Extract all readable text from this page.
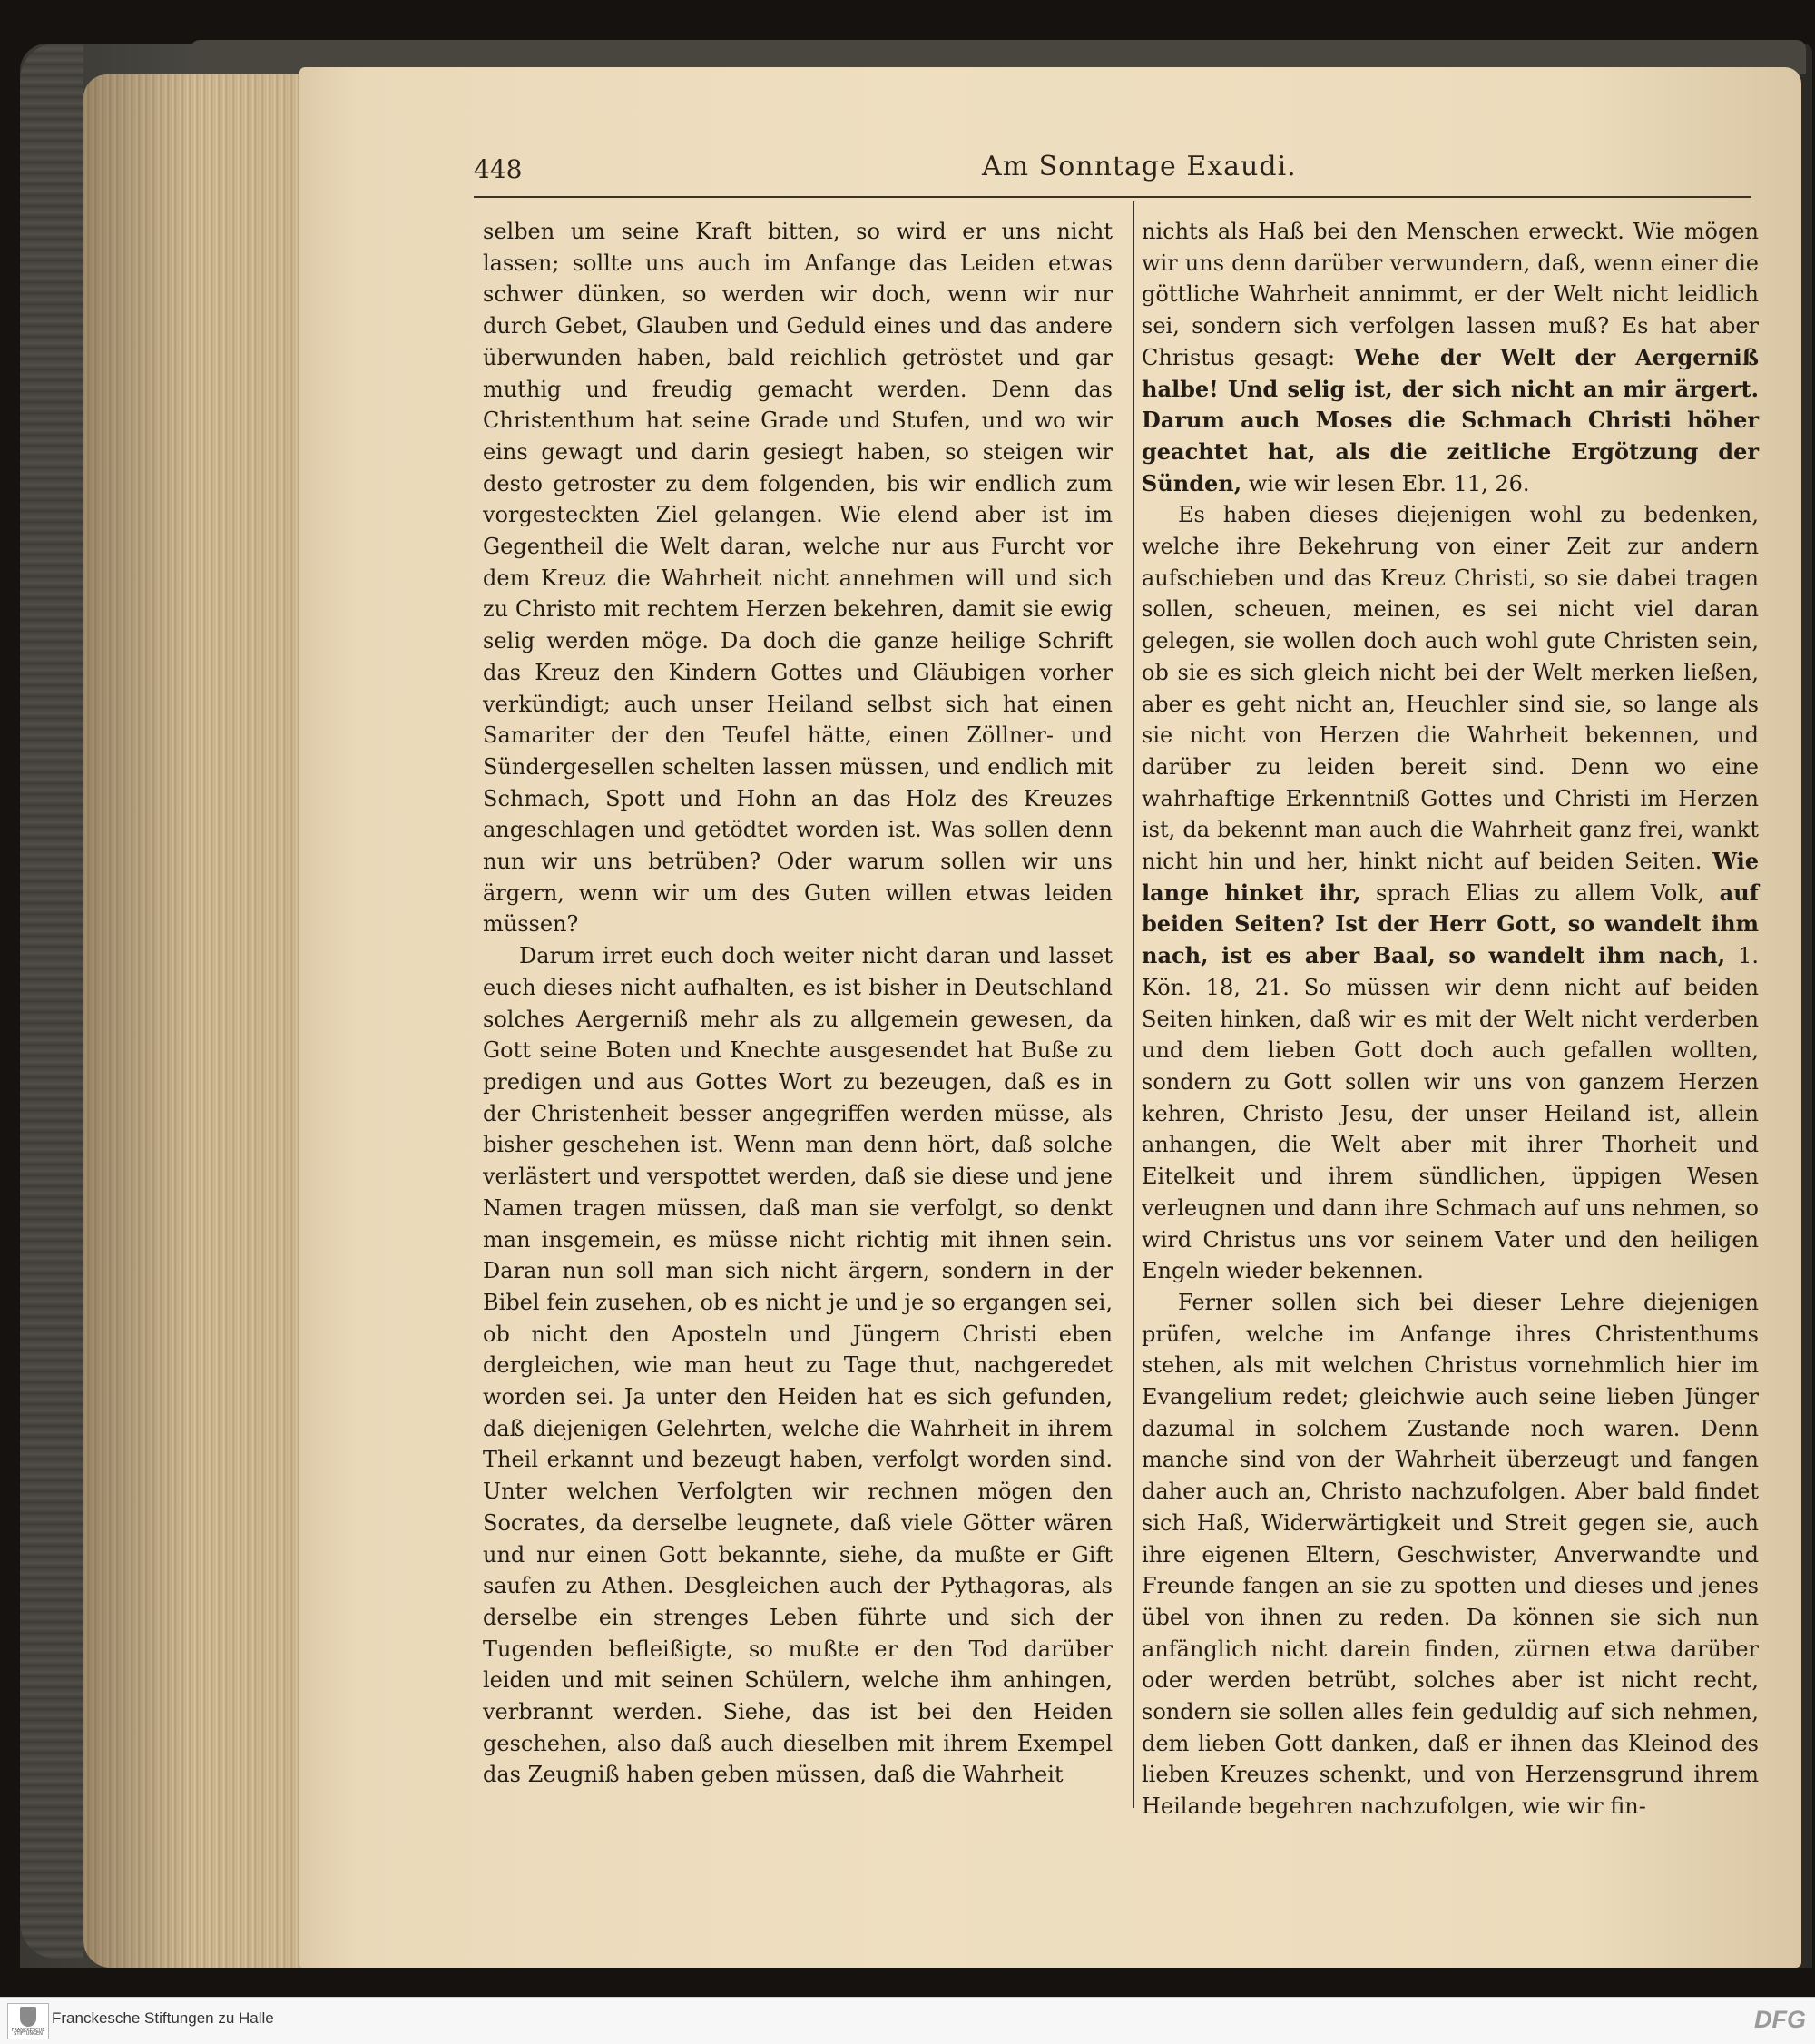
448	Am Sonntage Exaudi.

selben um seine Kraft bitten, so wird er uns nicht lassen; sollte uns auch im Anfange das Leiden etwas schwer dünken, so werden wir doch, wenn wir nur durch Gebet, Glauben und Geduld eines und das andere überwunden haben, bald reichlich getröstet und gar muthig und freudig gemacht werden. Denn das Christenthum hat seine Grade und Stufen, und wo wir eins gewagt und darin gesiegt haben, so steigen wir desto getroster zu dem folgenden, bis wir endlich zum vorgesteckten Ziel gelangen. Wie elend aber ist im Gegentheil die Welt daran, welche nur aus Furcht vor dem Kreuz die Wahrheit nicht annehmen will und sich zu Christo mit rechtem Herzen bekehren, damit sie ewig selig werden möge. Da doch die ganze heilige Schrift das Kreuz den Kindern Gottes und Gläubigen vorher verkündigt; auch unser Heiland selbst sich hat einen Samariter der den Teufel hätte, einen Zöllner- und Sündergesellen schelten lassen müssen, und endlich mit Schmach, Spott und Hohn an das Holz des Kreuzes angeschlagen und getödtet worden ist. Was sollen denn nun wir uns betrüben? Oder warum sollen wir uns ärgern, wenn wir um des Guten willen etwas leiden müssen?

Darum irret euch doch weiter nicht daran und lasset euch dieses nicht aufhalten, es ist bisher in Deutschland solches Aergerniß mehr als zu allgemein gewesen, da Gott seine Boten und Knechte ausgesendet hat Buße zu predigen und aus Gottes Wort zu bezeugen, daß es in der Christenheit besser angegriffen werden müsse, als bisher geschehen ist. Wenn man denn hört, daß solche verlästert und verspottet werden, daß sie diese und jene Namen tragen müssen, daß man sie verfolgt, so denkt man insgemein, es müsse nicht richtig mit ihnen sein. Daran nun soll man sich nicht ärgern, sondern in der Bibel fein zusehen, ob es nicht je und je so ergangen sei, ob nicht den Aposteln und Jüngern Christi eben dergleichen, wie man heut zu Tage thut, nachgeredet worden sei. Ja unter den Heiden hat es sich gefunden, daß diejenigen Gelehrten, welche die Wahrheit in ihrem Theil erkannt und bezeugt haben, verfolgt worden sind. Unter welchen Verfolgten wir rechnen mögen den Socrates, da derselbe leugnete, daß viele Götter wären und nur einen Gott bekannte, siehe, da mußte er Gift saufen zu Athen. Desgleichen auch der Pythagoras, als derselbe ein strenges Leben führte und sich der Tugenden befleißigte, so mußte er den Tod darüber leiden und mit seinen Schülern, welche ihm anhingen, verbrannt werden. Siehe, das ist bei den Heiden geschehen, also daß auch dieselben mit ihrem Exempel das Zeugniß haben geben müssen, daß die Wahrheit

nichts als Haß bei den Menschen erweckt. Wie mögen wir uns denn darüber verwundern, daß, wenn einer die göttliche Wahrheit annimmt, er der Welt nicht leidlich sei, sondern sich verfolgen lassen muß? Es hat aber Christus gesagt: Wehe der Welt der Aergerniß halbe! Und selig ist, der sich nicht an mir ärgert. Darum auch Moses die Schmach Christi höher geachtet hat, als die zeitliche Ergötzung der Sünden, wie wir lesen Ebr. 11, 26.

Es haben dieses diejenigen wohl zu bedenken, welche ihre Bekehrung von einer Zeit zur andern aufschieben und das Kreuz Christi, so sie dabei tragen sollen, scheuen, meinen, es sei nicht viel daran gelegen, sie wollen doch auch wohl gute Christen sein, ob sie es sich gleich nicht bei der Welt merken ließen, aber es geht nicht an, Heuchler sind sie, so lange als sie nicht von Herzen die Wahrheit bekennen, und darüber zu leiden bereit sind. Denn wo eine wahrhaftige Erkenntniß Gottes und Christi im Herzen ist, da bekennt man auch die Wahrheit ganz frei, wankt nicht hin und her, hinkt nicht auf beiden Seiten. Wie lange hinket ihr, sprach Elias zu allem Volk, auf beiden Seiten? Ist der Herr Gott, so wandelt ihm nach, ist es aber Baal, so wandelt ihm nach, 1. Kön. 18, 21. So müssen wir denn nicht auf beiden Seiten hinken, daß wir es mit der Welt nicht verderben und dem lieben Gott doch auch gefallen wollten, sondern zu Gott sollen wir uns von ganzem Herzen kehren, Christo Jesu, der unser Heiland ist, allein anhangen, die Welt aber mit ihrer Thorheit und Eitelkeit und ihrem sündlichen, üppigen Wesen verleugnen und dann ihre Schmach auf uns nehmen, so wird Christus uns vor seinem Vater und den heiligen Engeln wieder bekennen.

Ferner sollen sich bei dieser Lehre diejenigen prüfen, welche im Anfange ihres Christenthums stehen, als mit welchen Christus vornehmlich hier im Evangelium redet; gleichwie auch seine lieben Jünger dazumal in solchem Zustande noch waren. Denn manche sind von der Wahrheit überzeugt und fangen daher auch an, Christo nachzufolgen. Aber bald findet sich Haß, Widerwärtigkeit und Streit gegen sie, auch ihre eigenen Eltern, Geschwister, Anverwandte und Freunde fangen an sie zu spotten und dieses und jenes übel von ihnen zu reden. Da können sie sich nun anfänglich nicht darein finden, zürnen etwa darüber oder werden betrübt, solches aber ist nicht recht, sondern sie sollen alles fein geduldig auf sich nehmen, dem lieben Gott danken, daß er ihnen das Kleinod des lieben Kreuzes schenkt, und von Herzensgrund ihrem Heilande begehren nachzufolgen, wie wir fin-

FRANCKESCHE STIFTUNGEN
Franckesche Stiftungen zu Halle	DFG
